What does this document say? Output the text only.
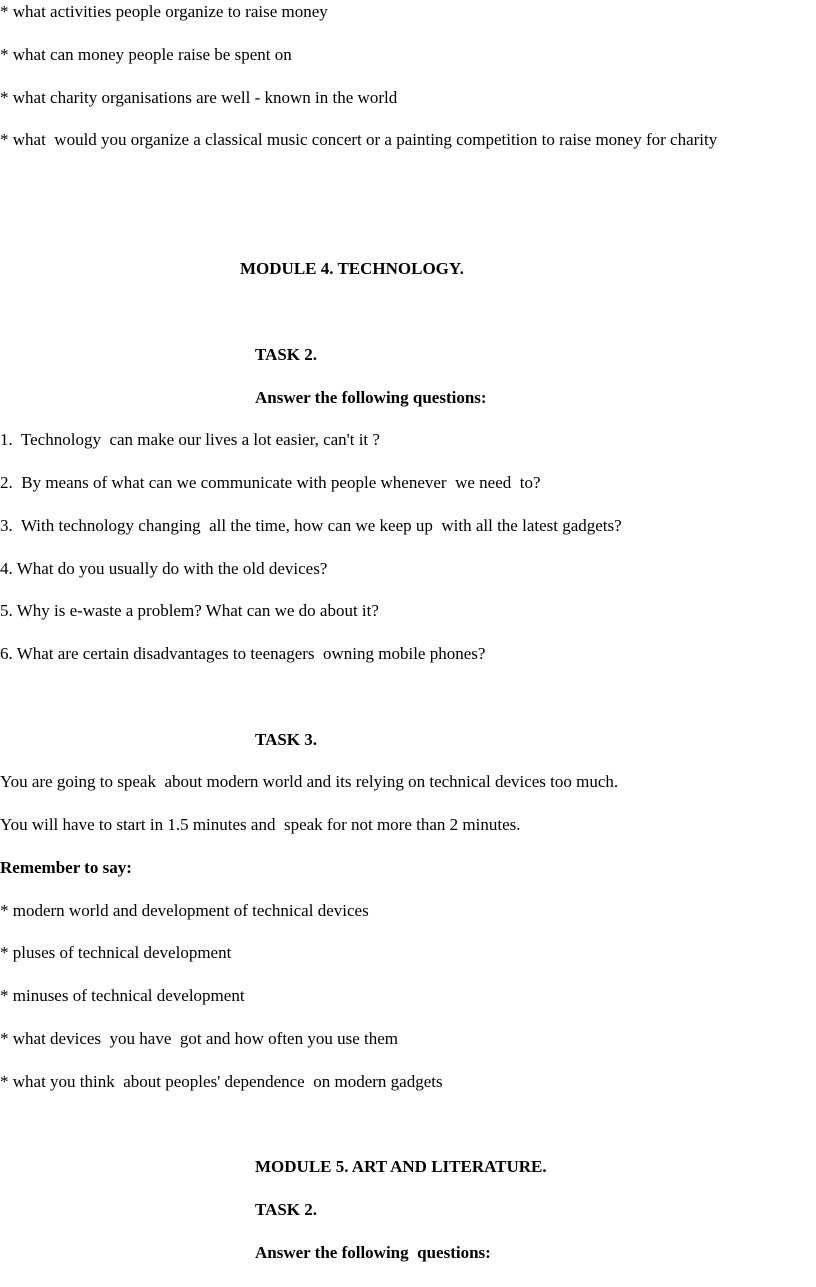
* what activities people organize to raise money

* what can money people raise be spent on

* what charity organisations are well - known in the world

* what  would you organize a classical music concert or a painting competition to raise money for charity

MODULE 4. TECHNOLOGY.

TASK 2.

Answer the following questions:

1.  Technology  can make our lives a lot easier, can't it ?

2.  By means of what can we communicate with people whenever  we need  to?

3.  With technology changing  all the time, how can we keep up  with all the latest gadgets?

4. What do you usually do with the old devices?

5. Why is e-waste a problem? What can we do about it?

6. What are certain disadvantages to teenagers  owning mobile phones?

TASK 3.

You are going to speak  about modern world and its relying on technical devices too much.

You will have to start in 1.5 minutes and  speak for not more than 2 minutes.

Remember to say:

* modern world and development of technical devices

* pluses of technical development

* minuses of technical development

* what devices  you have  got and how often you use them

* what you think  about peoples' dependence  on modern gadgets

MODULE 5. ART AND LITERATURE.

TASK 2.

Answer the following  questions:
